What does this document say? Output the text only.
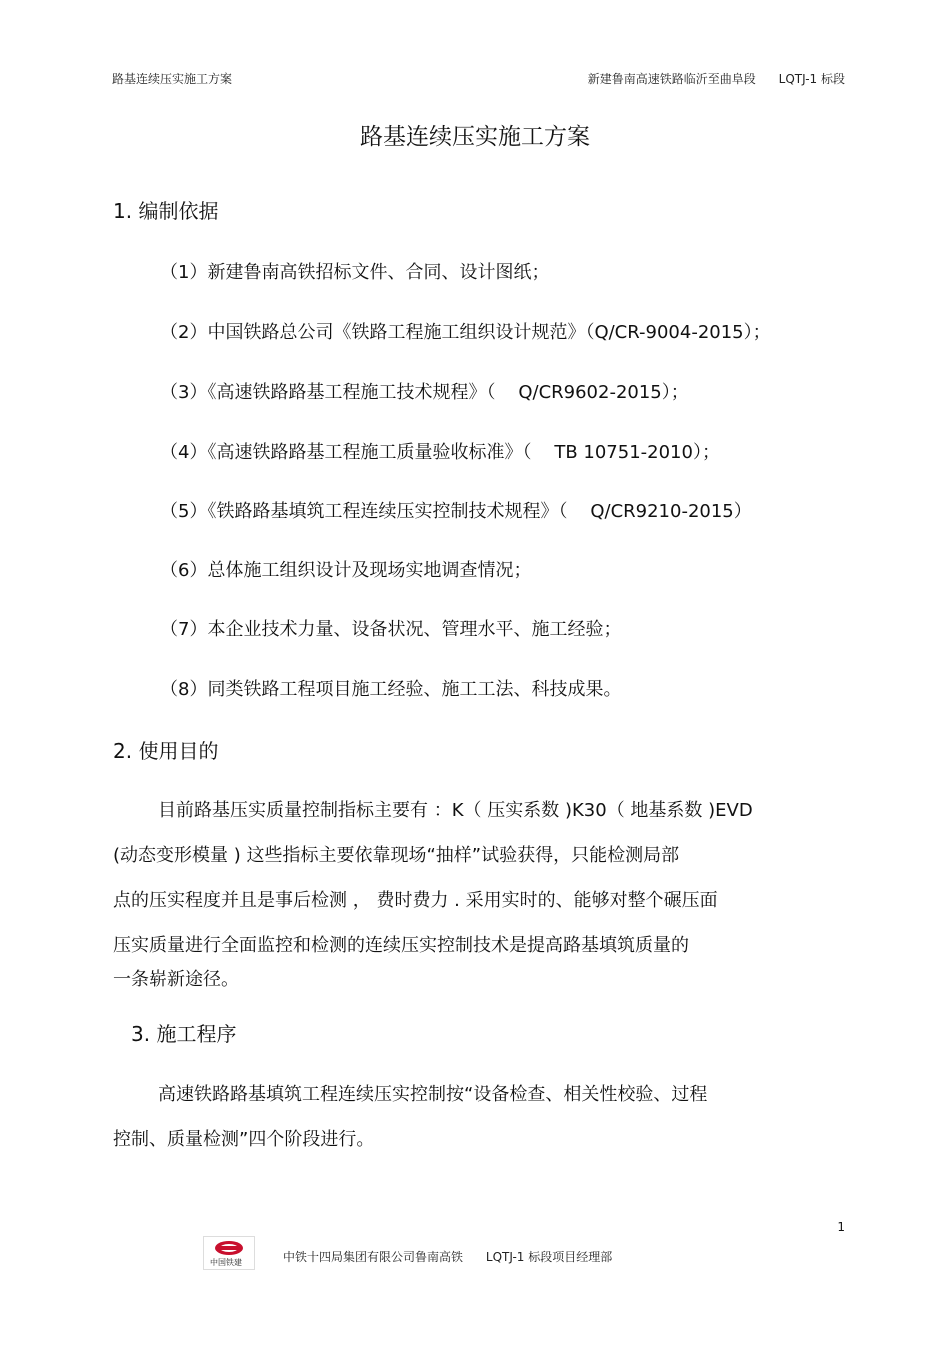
路基连续压实施工方案	新建鲁南高速铁路临沂至曲阜段      LQTJ-1 标段
路基连续压实施工方案
1. 编制依据
（1）新建鲁南高铁招标文件、合同、设计图纸；
（2）中国铁路总公司《铁路工程施工组织设计规范》（Q/CR-9004-2015）；
（3）《高速铁路路基工程施工技术规程》（    Q/CR9602-2015）；
（4）《高速铁路路基工程施工质量验收标准》（    TB 10751-2010）；
（5）《铁路路基填筑工程连续压实控制技术规程》（    Q/CR9210-2015）
（6）总体施工组织设计及现场实地调查情况；
（7）本企业技术力量、设备状况、管理水平、施工经验；
（8）同类铁路工程项目施工经验、施工工法、科技成果。
2. 使用目的
目前路基压实质量控制指标主要有 ：K（ 压实系数 )K30（ 地基系数 )EVD
(动态变形模量 ) 这些指标主要依靠现场“抽样”试验获得，只能检测局部
点的压实程度并且是事后检测 ， 费时费力 . 采用实时的、能够对整个碾压面
压实质量进行全面监控和检测的连续压实控制技术是提高路基填筑质量的
一条崭新途径。
3. 施工程序
高速铁路路基填筑工程连续压实控制按“设备检查、相关性校验、过程
控制、质量检测”四个阶段进行。
1
中国铁建	中铁十四局集团有限公司鲁南高铁      LQTJ-1 标段项目经理部
